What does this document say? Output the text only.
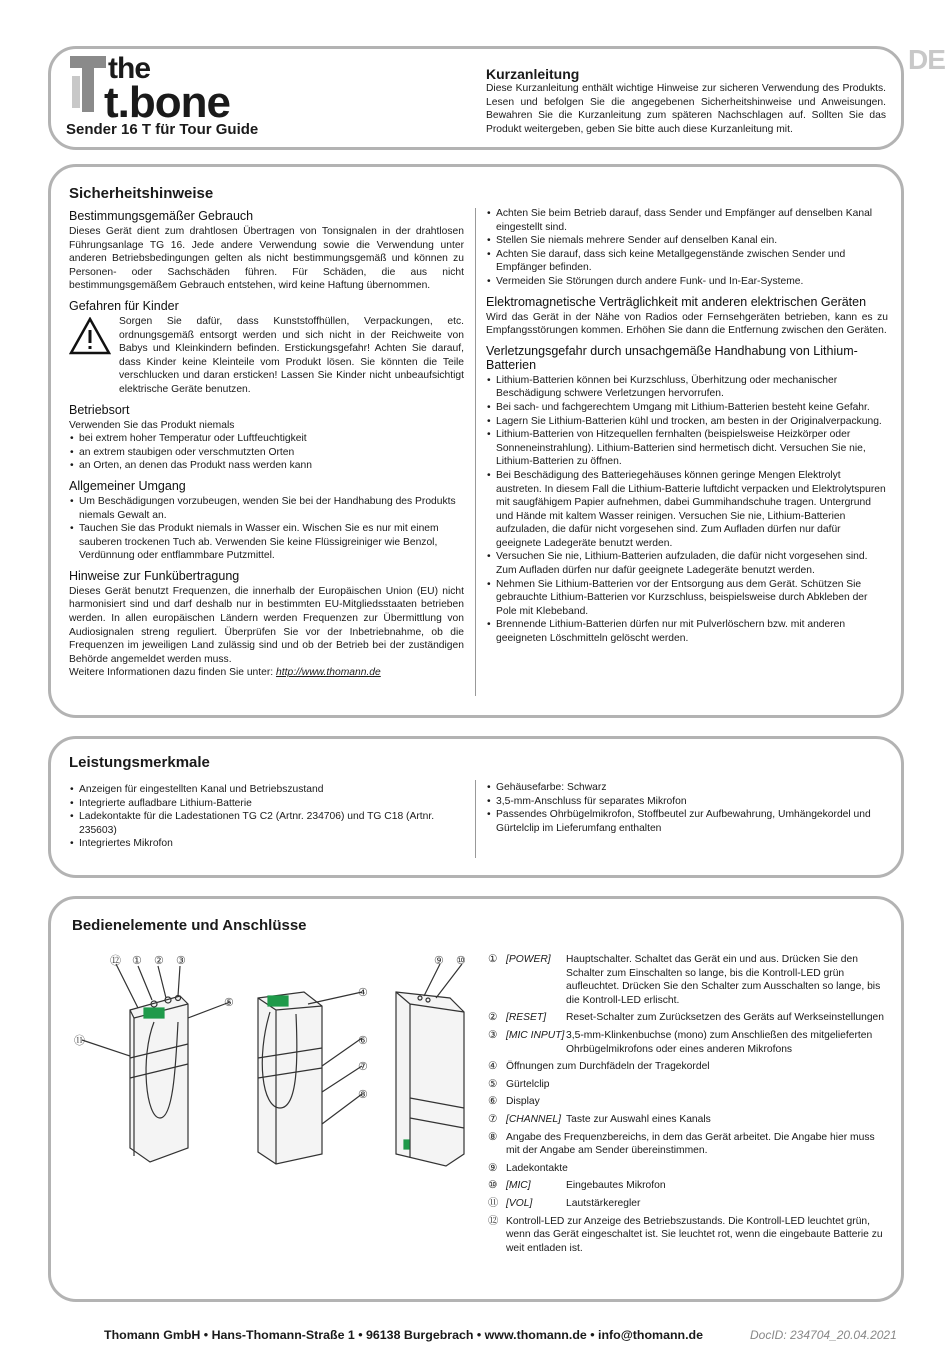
DE
the
t.bone
Sender 16 T für Tour Guide
Kurzanleitung

Diese Kurzanleitung enthält wichtige Hinweise zur sicheren Verwendung des Produkts. Lesen und befolgen Sie die angegebenen Sicherheitshinweise und Anweisungen. Bewahren Sie die Kurzanleitung zum späteren Nachschlagen auf. Sollten Sie das Produkt weitergeben, geben Sie bitte auch diese Kurzanleitung mit.

Sicherheitshinweise
Bestimmungsgemäßer Gebrauch

Dieses Gerät dient zum drahtlosen Übertragen von Tonsignalen in der drahtlosen Führungsanlage TG 16. Jede andere Verwendung sowie die Verwendung unter anderen Betriebsbedingungen gelten als nicht bestimmungsgemäß und können zu Personen- oder Sachschäden führen. Für Schäden, die aus nicht bestimmungsgemäßem Gebrauch entstehen, wird keine Haftung übernommen.

Gefahren für Kinder

Sorgen Sie dafür, dass Kunststoffhüllen, Verpackungen, etc. ordnungsgemäß entsorgt werden und sich nicht in der Reichweite von Babys und Kleinkindern befinden. Erstickungsgefahr! Achten Sie darauf, dass Kinder keine Kleinteile vom Produkt lösen. Sie könnten die Teile verschlucken und daran ersticken! Lassen Sie Kinder nicht unbeaufsichtigt elektrische Geräte benutzen.

Betriebsort

Verwenden Sie das Produkt niemals

• bei extrem hoher Temperatur oder Luftfeuchtigkeit
• an extrem staubigen oder verschmutzten Orten
• an Orten, an denen das Produkt nass werden kann
Allgemeiner Umgang
• Um Beschädigungen vorzubeugen, wenden Sie bei der Handhabung des Produkts niemals Gewalt an.
• Tauchen Sie das Produkt niemals in Wasser ein. Wischen Sie es nur mit einem sauberen trockenen Tuch ab. Verwenden Sie keine Flüssigreiniger wie Benzol, Verdünnung oder entflammbare Putzmittel.
Hinweise zur Funkübertragung

Dieses Gerät benutzt Frequenzen, die innerhalb der Europäischen Union (EU) nicht harmonisiert sind und darf deshalb nur in bestimmten EU-Mitgliedsstaaten betrieben werden. In allen europäischen Ländern werden Frequenzen zur Übermittlung von Audiosignalen streng reguliert. Überprüfen Sie vor der Inbetriebnahme, ob die Frequenzen im jeweiligen Land zulässig sind und ob der Betrieb bei der zuständigen Behörde angemeldet werden muss.

Weitere Informationen dazu finden Sie unter: http://www.thomann.de

• Achten Sie beim Betrieb darauf, dass Sender und Empfänger auf denselben Kanal eingestellt sind.
• Stellen Sie niemals mehrere Sender auf denselben Kanal ein.
• Achten Sie darauf, dass sich keine Metallgegenstände zwischen Sender und Empfänger befinden.
• Vermeiden Sie Störungen durch andere Funk- und In-Ear-Systeme.
Elektromagnetische Verträglichkeit mit anderen elektrischen Geräten

Wird das Gerät in der Nähe von Radios oder Fernsehgeräten betrieben, kann es zu Empfangsstörungen kommen. Erhöhen Sie dann die Entfernung zwischen den Geräten.

Verletzungsgefahr durch unsachgemäße Handhabung von Lithium-Batterien
• Lithium-Batterien können bei Kurzschluss, Überhitzung oder mechanischer Beschädigung schwere Verletzungen hervorrufen.
• Bei sach- und fachgerechtem Umgang mit Lithium-Batterien besteht keine Gefahr.
• Lagern Sie Lithium-Batterien kühl und trocken, am besten in der Originalverpackung.
• Lithium-Batterien von Hitzequellen fernhalten (beispielsweise Heizkörper oder Sonneneinstrahlung). Lithium-Batterien sind hermetisch dicht. Versuchen Sie nie, Lithium-Batterien zu öffnen.
• Bei Beschädigung des Batteriegehäuses können geringe Mengen Elektrolyt austreten. In diesem Fall die Lithium-Batterie luftdicht verpacken und Elektrolytspuren mit saugfähigem Papier aufnehmen, dabei Gummihandschuhe tragen. Untergrund und Hände mit kaltem Wasser reinigen. Versuchen Sie nie, Lithium-Batterien aufzuladen, die dafür nicht vorgesehen sind. Zum Aufladen dürfen nur dafür geeignete Ladegeräte benutzt werden.
• Versuchen Sie nie, Lithium-Batterien aufzuladen, die dafür nicht vorgesehen sind. Zum Aufladen dürfen nur dafür geeignete Ladegeräte benutzt werden.
• Nehmen Sie Lithium-Batterien vor der Entsorgung aus dem Gerät. Schützen Sie gebrauchte Lithium-Batterien vor Kurzschluss, beispielsweise durch Abkleben der Pole mit Klebeband.
• Brennende Lithium-Batterien dürfen nur mit Pulverlöschern bzw. mit anderen geeigneten Löschmitteln gelöscht werden.
Leistungsmerkmale
• Anzeigen für eingestellten Kanal und Betriebszustand
• Integrierte aufladbare Lithium-Batterie
• Ladekontakte für die Ladestationen TG C2 (Artnr. 234706) und TG C18 (Artnr. 235603)
• Integriertes Mikrofon
• Gehäusefarbe: Schwarz
• 3,5-mm-Anschluss für separates Mikrofon
• Passendes Ohrbügelmikrofon, Stoffbeutel zur Aufbewahrung, Umhängekordel und Gürtelclip im Lieferumfang enthalten
Bedienelemente und Anschlüsse
⑫ ① ② ③
⑤
⑪
④
⑥
⑦
⑧
⑨ ⑩ ① [POWER]	Hauptschalter. Schaltet das Gerät ein und aus. Drücken Sie den Schalter zum Einschalten so lange, bis die Kontroll-LED grün aufleuchtet. Drücken Sie den Schalter zum Ausschalten so lange, bis die Kontroll-LED erlischt.
② [RESET]	Reset-Schalter zum Zurücksetzen des Geräts auf Werkseinstellungen
③ [MIC INPUT] 3,5-mm-Klinkenbuchse (mono) zum Anschließen des mitgelieferten Ohrbügelmikrofons oder eines anderen Mikrofons
④ Öffnungen zum Durchfädeln der Tragekordel
⑤ Gürtelclip
⑥ Display
⑦ [CHANNEL] Taste zur Auswahl eines Kanals
⑧ Angabe des Frequenzbereichs, in dem das Gerät arbeitet. Die Angabe hier muss mit der Angabe am Sender übereinstimmen.
⑨ Ladekontakte
⑩ [MIC]	Eingebautes Mikrofon
⑪ [VOL]	Lautstärkeregler
⑫ Kontroll-LED zur Anzeige des Betriebszustands. Die Kontroll-LED leuchtet grün, wenn das Gerät eingeschaltet ist. Sie leuchtet rot, wenn die eingebaute Batterie zu weit entladen ist.
Thomann GmbH • Hans-Thomann-Straße 1 • 96138 Burgebrach • www.thomann.de • info@thomann.de	DocID: 234704_20.04.2021
